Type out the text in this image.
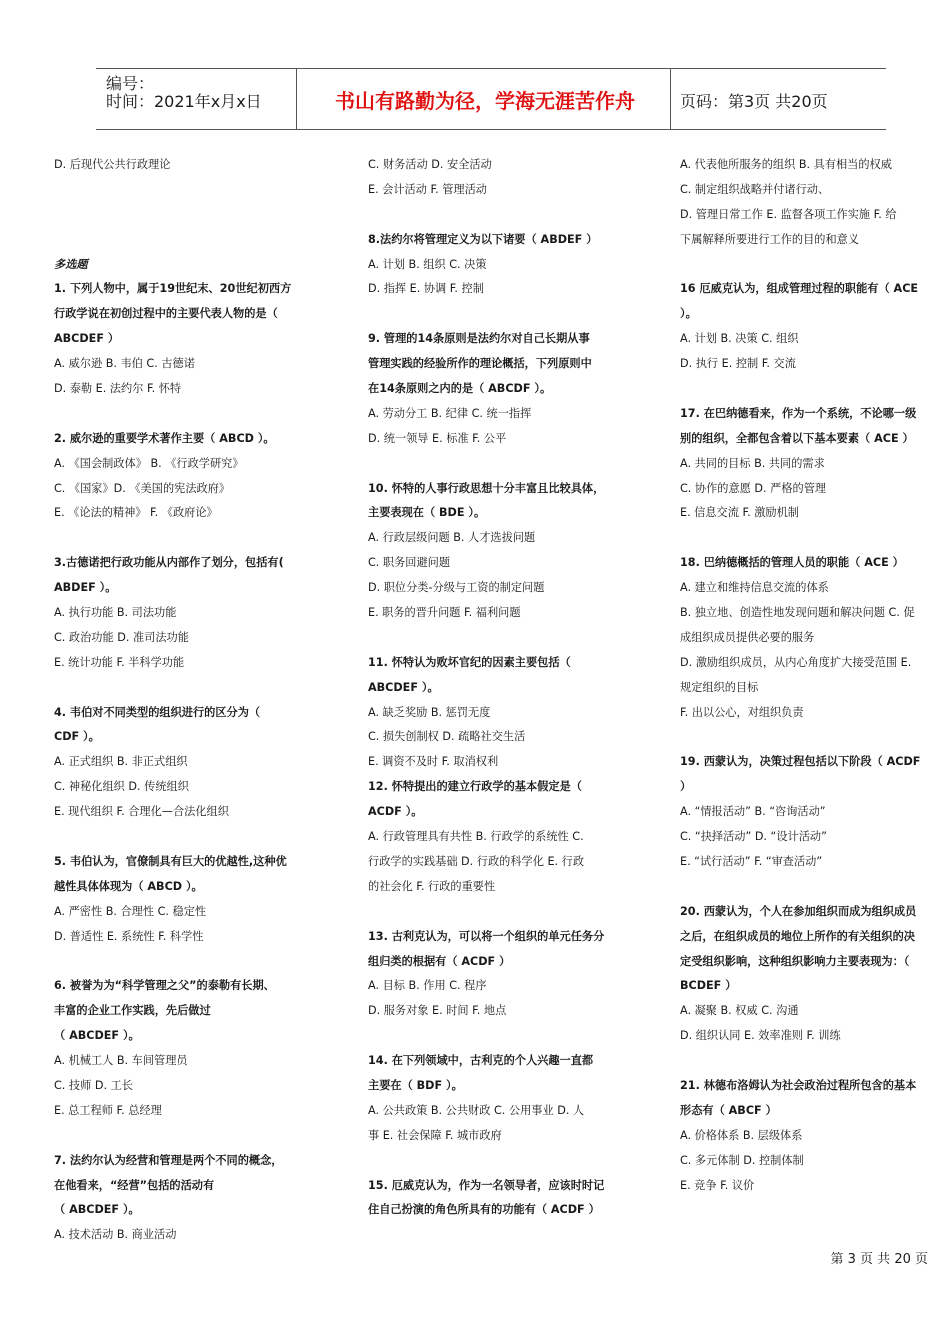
编号：
时间：2021年x月x日	书山有路勤为径，学海无涯苦作舟	页码：第3页 共20页
D. 后现代公共行政理论
多选题
1. 下列人物中，属于19世纪末、20世纪初西方
行政学说在初创过程中的主要代表人物的是（
ABCDEF ）
A. 威尔逊 B. 韦伯 C. 古德诺
D. 泰勒 E. 法约尔 F. 怀特
2. 威尔逊的重要学术著作主要（ ABCD ）。
A. 《国会制政体》 B. 《行政学研究》
C. 《国家》D. 《美国的宪法政府》
E. 《论法的精神》 F. 《政府论》
3.古德诺把行政功能从内部作了划分，包括有(
ABDEF ）。
A. 执行功能 B. 司法功能
C. 政治功能 D. 准司法功能
E. 统计功能 F. 半科学功能
4. 韦伯对不同类型的组织进行的区分为（
CDF ）。
A. 正式组织 B. 非正式组织
C. 神秘化组织 D. 传统组织
E. 现代组织 F. 合理化—合法化组织
5. 韦伯认为，官僚制具有巨大的优越性,这种优
越性具体体现为（ ABCD ）。
A. 严密性 B. 合理性 C. 稳定性
D. 普适性 E. 系统性 F. 科学性
6. 被誉为为“科学管理之父”的泰勒有长期、
丰富的企业工作实践，先后做过
（ ABCDEF ）。
A. 机械工人 B. 车间管理员
C. 技师 D. 工长
E. 总工程师 F. 总经理
7. 法约尔认为经营和管理是两个不同的概念，
在他看来，“经营”包括的活动有
（ ABCDEF ）。
A. 技术活动 B. 商业活动
C. 财务活动 D. 安全活动
E. 会计活动 F. 管理活动
8.法约尔将管理定义为以下诸要（ ABDEF ）
A. 计划 B. 组织 C. 决策
D. 指挥 E. 协调 F. 控制
9. 管理的14条原则是法约尔对自己长期从事
管理实践的经验所作的理论概括，下列原则中
在14条原则之内的是（ ABCDF ）。
A. 劳动分工 B. 纪律 C. 统一指挥
D. 统一领导 E. 标准 F. 公平
10. 怀特的人事行政思想十分丰富且比较具体，
主要表现在（ BDE ）。
A. 行政层级问题 B. 人才选拔问题
C. 职务回避问题
D. 职位分类-分级与工资的制定问题
E. 职务的晋升问题 F. 福利问题
11. 怀特认为败坏官纪的因素主要包括（
ABCDEF ）。
A. 缺乏奖励 B. 惩罚无度
C. 损失创制权 D. 疏略社交生活
E. 调资不及时 F. 取消权利
12. 怀特提出的建立行政学的基本假定是（
ACDF ）。
A. 行政管理具有共性 B. 行政学的系统性 C.
行政学的实践基础 D. 行政的科学化 E. 行政
的社会化 F. 行政的重要性
13. 古利克认为，可以将一个组织的单元任务分
组归类的根据有（ ACDF ）
A. 目标 B. 作用 C. 程序
D. 服务对象 E. 时间 F. 地点
14. 在下列领域中，古利克的个人兴趣一直都
主要在（ BDF ）。
A. 公共政策 B. 公共财政 C. 公用事业 D. 人
事 E. 社会保障 F. 城市政府
15. 厄威克认为，作为一名领导者，应该时时记
住自己扮演的角色所具有的功能有（ ACDF ）
A. 代表他所服务的组织 B. 具有相当的权威
C. 制定组织战略并付诸行动、
D. 管理日常工作 E. 监督各项工作实施 F. 给
下属解释所要进行工作的目的和意义
16 厄威克认为，组成管理过程的职能有（ ACE
）。
A. 计划 B. 决策 C. 组织
D. 执行 E. 控制 F. 交流
17. 在巴纳德看来，作为一个系统，不论哪一级
别的组织，全都包含着以下基本要素（ ACE ）
A. 共同的目标 B. 共同的需求
C. 协作的意愿 D. 严格的管理
E. 信息交流 F. 激励机制
18. 巴纳德概括的管理人员的职能（ ACE ）
A. 建立和维持信息交流的体系
B. 独立地、创造性地发现问题和解决问题 C. 促
成组织成员提供必要的服务
D. 激励组织成员，从内心角度扩大接受范围 E.
规定组织的目标
F. 出以公心，对组织负责
19. 西蒙认为，决策过程包括以下阶段（ ACDF
）
A. “情报活动” B. “咨询活动”
C. “抉择活动” D. “设计活动”
E. “试行活动” F. “审查活动”
20. 西蒙认为，个人在参加组织而成为组织成员
之后，在组织成员的地位上所作的有关组织的决
定受组织影响，这种组织影响力主要表现为：（
BCDEF ）
A. 凝聚 B. 权威 C. 沟通
D. 组织认同 E. 效率准则 F. 训练
21. 林德布洛姆认为社会政治过程所包含的基本
形态有（ ABCF ）
A. 价格体系 B. 层级体系
C. 多元体制 D. 控制体制
E. 竞争 F. 议价
第 3 页 共 20 页
